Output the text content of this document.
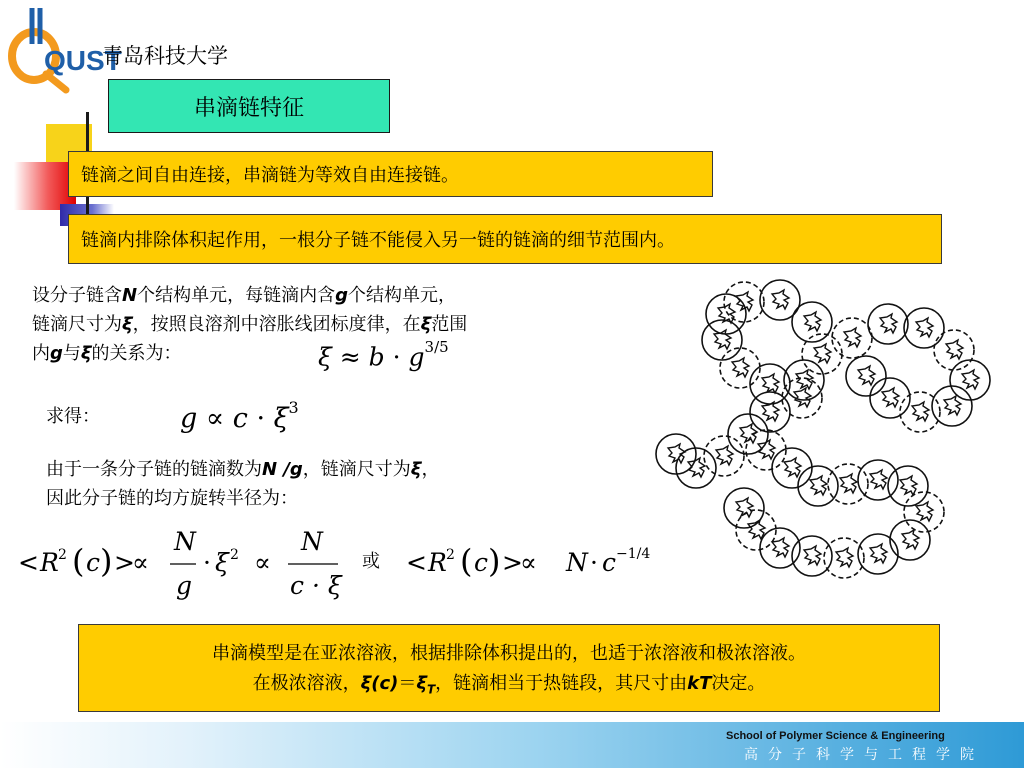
QUST
青岛科技大学
串滴链特征
链滴之间自由连接，串滴链为等效自由连接链。
链滴内排除体积起作用，一根分子链不能侵入另一链的链滴的细节范围内。
设分子链含N个结构单元，每链滴内含g个结构单元，
链滴尺寸为ξ，按照良溶剂中溶胀线团标度律，在ξ范围
内g与ξ的关系为：	$\xi \approx b \cdot g^{3/5}$
求得：	$g \propto c \cdot \xi^3$
由于一条分子链的链滴数为N /g，链滴尺寸为ξ，
因此分子链的均方旋转半径为：
< R 2 ( c ) >
∝
N
g
· ξ 2 ∝
N
c · ξ
或 < R 2 ( c ) >
∝ N · c −1/4
串滴模型是在亚浓溶液，根据排除体积提出的，也适于浓溶液和极浓溶液。
在极浓溶液，$\xi(c)=\xi_T$，链滴相当于热链段，其尺寸由kT决定。
School of Polymer Science & Engineering
高分子科学与工程学院
